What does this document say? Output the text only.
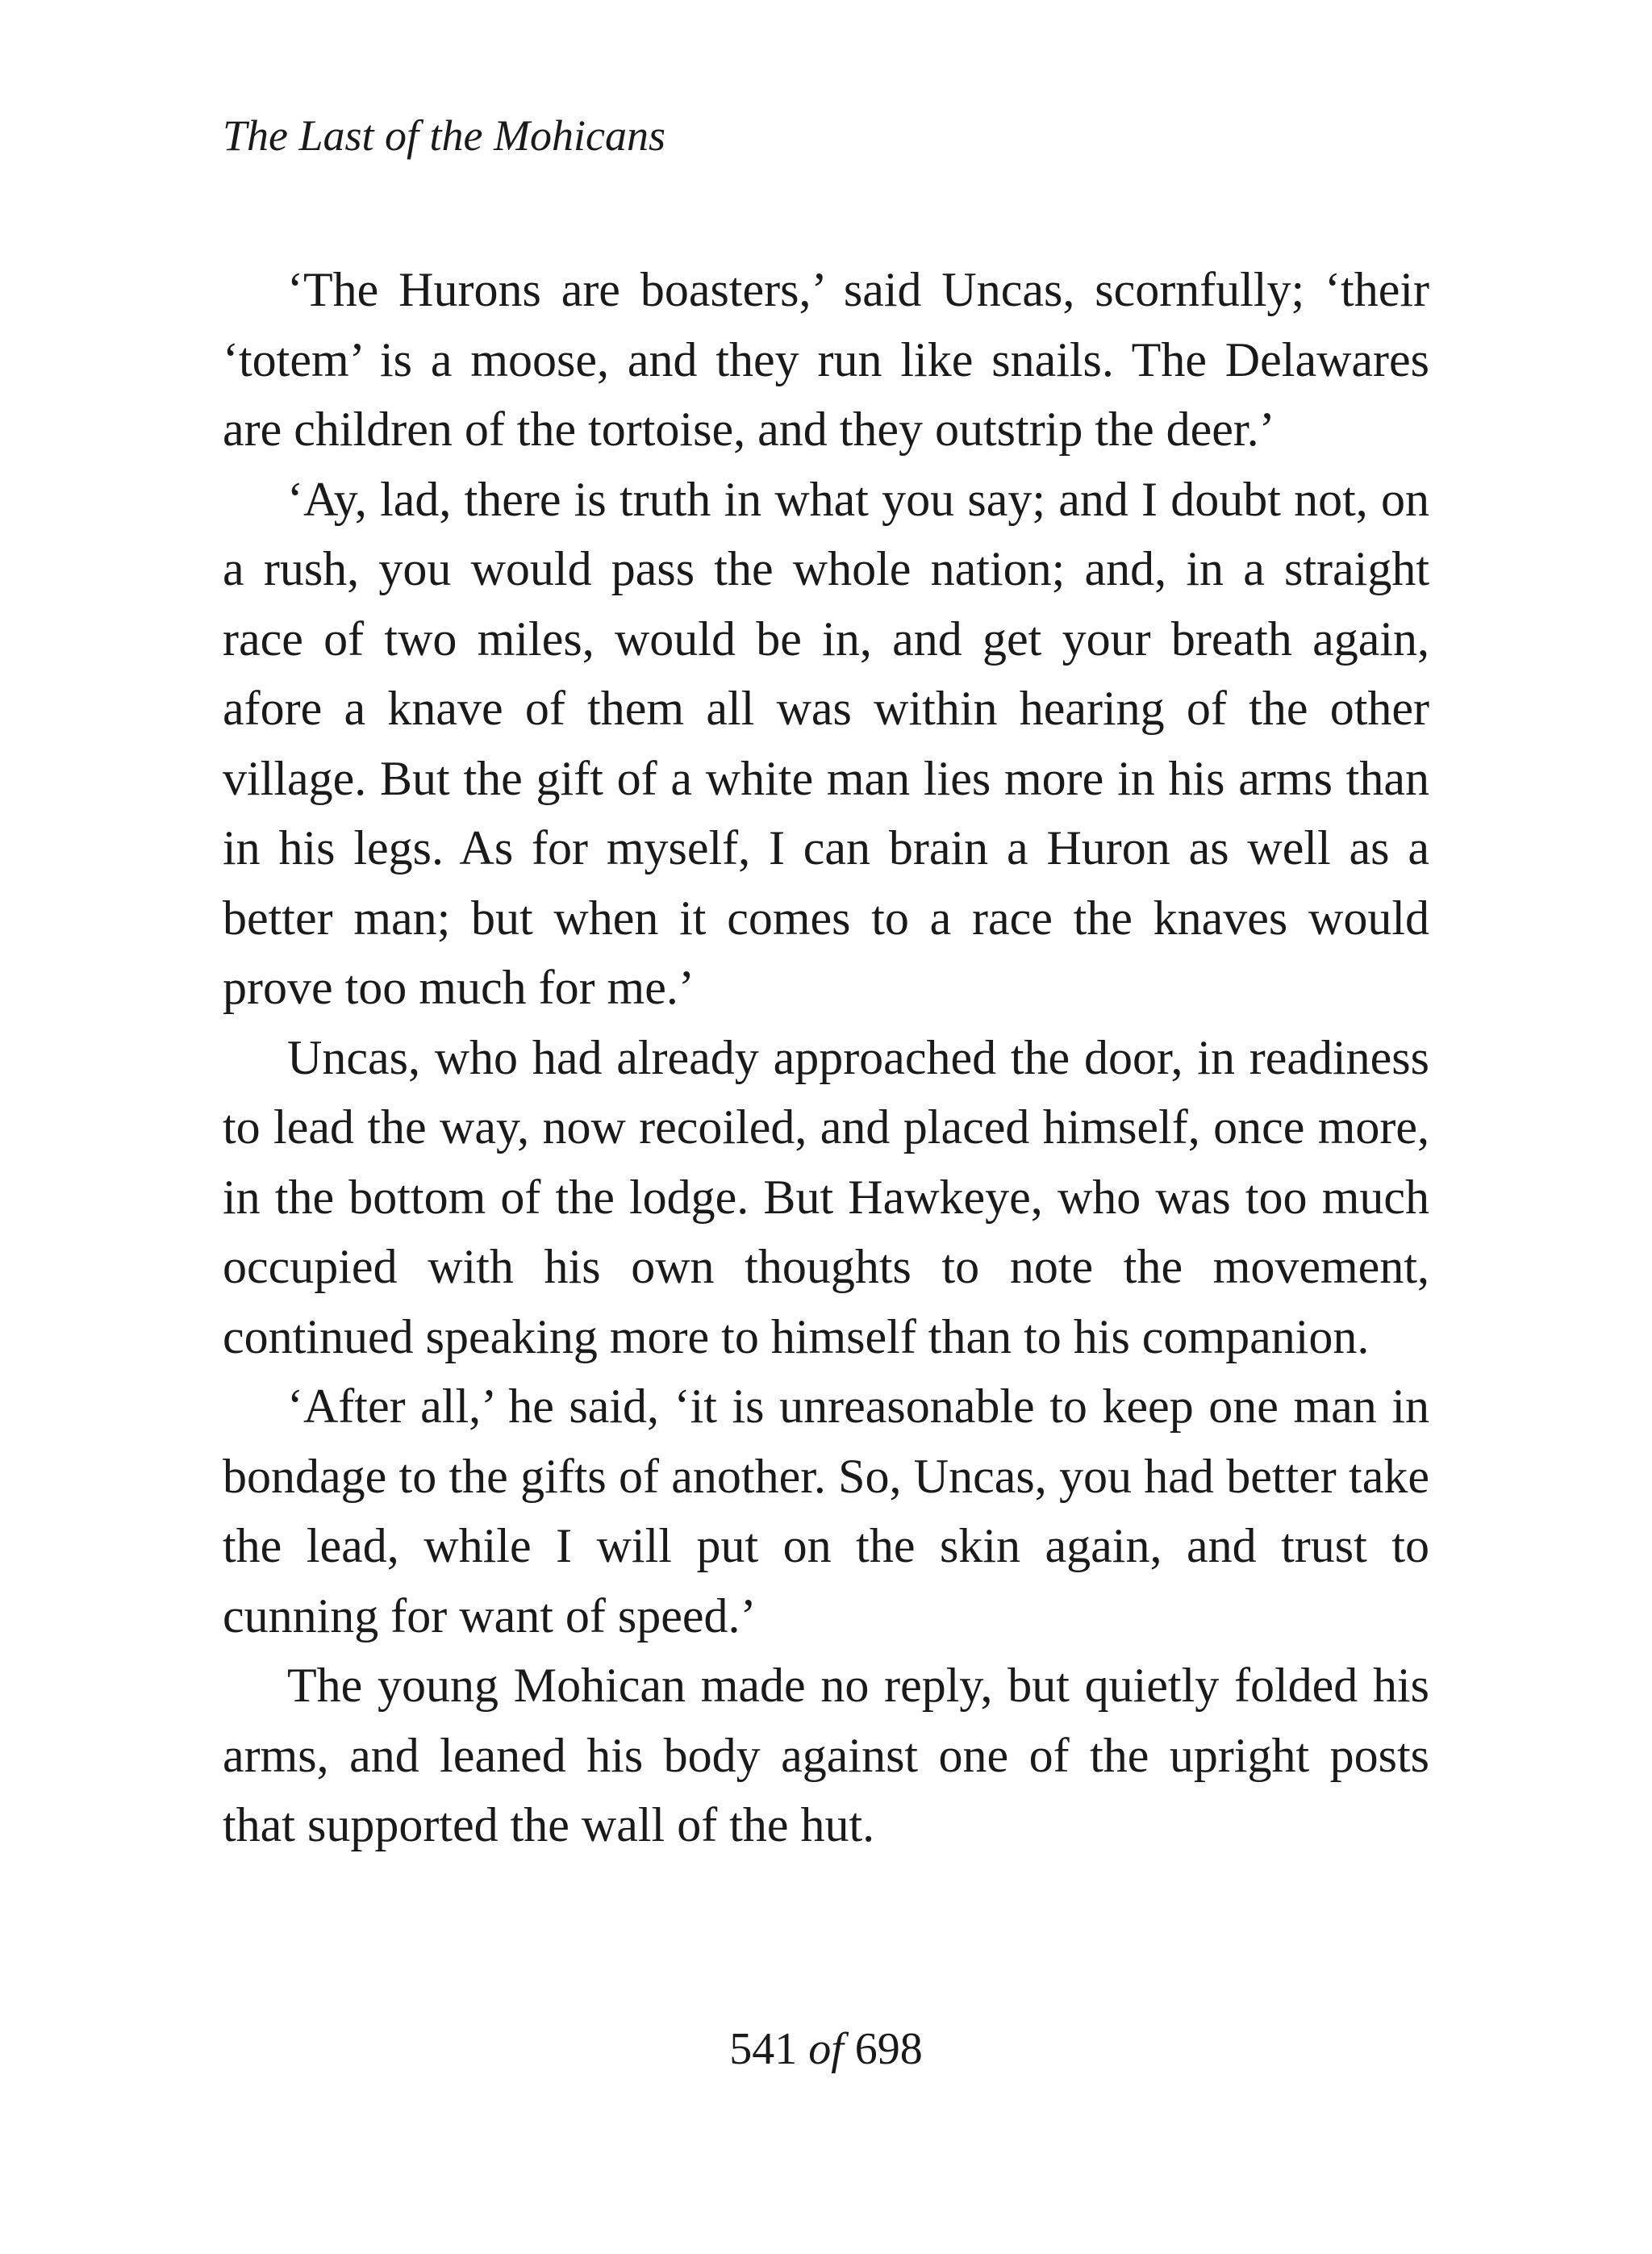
The Last of the Mohicans

‘The Hurons are boasters,’ said Uncas, scornfully; ‘their ‘totem’ is a moose, and they run like snails. The Delawares are children of the tortoise, and they outstrip the deer.’

‘Ay, lad, there is truth in what you say; and I doubt not, on a rush, you would pass the whole nation; and, in a straight race of two miles, would be in, and get your breath again, afore a knave of them all was within hearing of the other village. But the gift of a white man lies more in his arms than in his legs. As for myself, I can brain a Huron as well as a better man; but when it comes to a race the knaves would prove too much for me.’

Uncas, who had already approached the door, in readiness to lead the way, now recoiled, and placed himself, once more, in the bottom of the lodge. But Hawkeye, who was too much occupied with his own thoughts to note the movement, continued speaking more to himself than to his companion.

‘After all,’ he said, ‘it is unreasonable to keep one man in bondage to the gifts of another. So, Uncas, you had better take the lead, while I will put on the skin again, and trust to cunning for want of speed.’

The young Mohican made no reply, but quietly folded his arms, and leaned his body against one of the upright posts that supported the wall of the hut.

541 of 698
